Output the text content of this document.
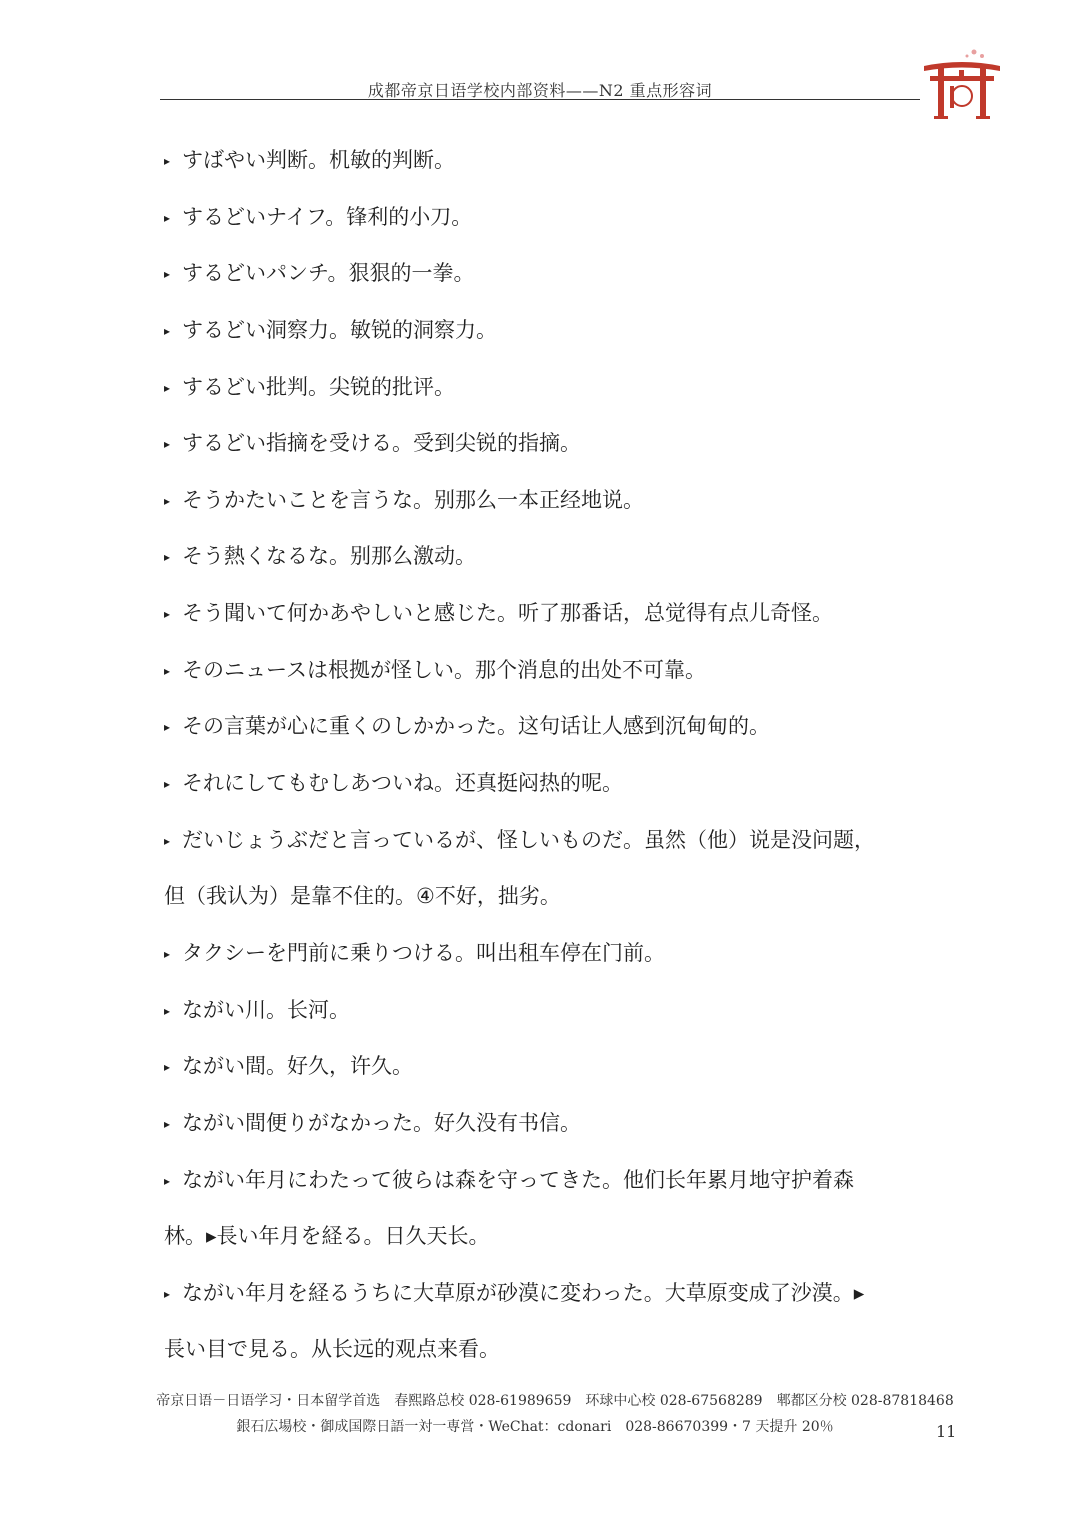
成都帝京日语学校内部资料——N2 重点形容词
▸ すばやい判断。机敏的判断。
▸ するどいナイフ。锋利的小刀。
▸ するどいパンチ。狠狠的一拳。
▸ するどい洞察力。敏锐的洞察力。
▸ するどい批判。尖锐的批评。
▸ するどい指摘を受ける。受到尖锐的指摘。
▸ そうかたいことを言うな。别那么一本正经地说。
▸ そう熱くなるな。别那么激动。
▸ そう聞いて何かあやしいと感じた。听了那番话，总觉得有点儿奇怪。
▸ そのニュースは根拠が怪しい。那个消息的出处不可靠。
▸ その言葉が心に重くのしかかった。这句话让人感到沉甸甸的。
▸ それにしてもむしあついね。还真挺闷热的呢。
▸ だいじょうぶだと言っているが、怪しいものだ。虽然（他）说是没问题，
但（我认为）是靠不住的。④不好，拙劣。
▸ タクシーを門前に乗りつける。叫出租车停在门前。
▸ ながい川。长河。
▸ ながい間。好久，许久。
▸ ながい間便りがなかった。好久没有书信。
▸ ながい年月にわたって彼らは森を守ってきた。他们长年累月地守护着森
林。▸長い年月を経る。日久天长。
▸ ながい年月を経るうちに大草原が砂漠に変わった。大草原变成了沙漠。▸
長い目で見る。从长远的观点来看。
帝京日语－日语学习・日本留学首选　春熙路总校 028-61989659　环球中心校 028-67568289　郫都区分校 028-87818468
銀石広場校・御成国際日語一対一専営・WeChat：cdonari　028-86670399・7 天提升 20％	11
